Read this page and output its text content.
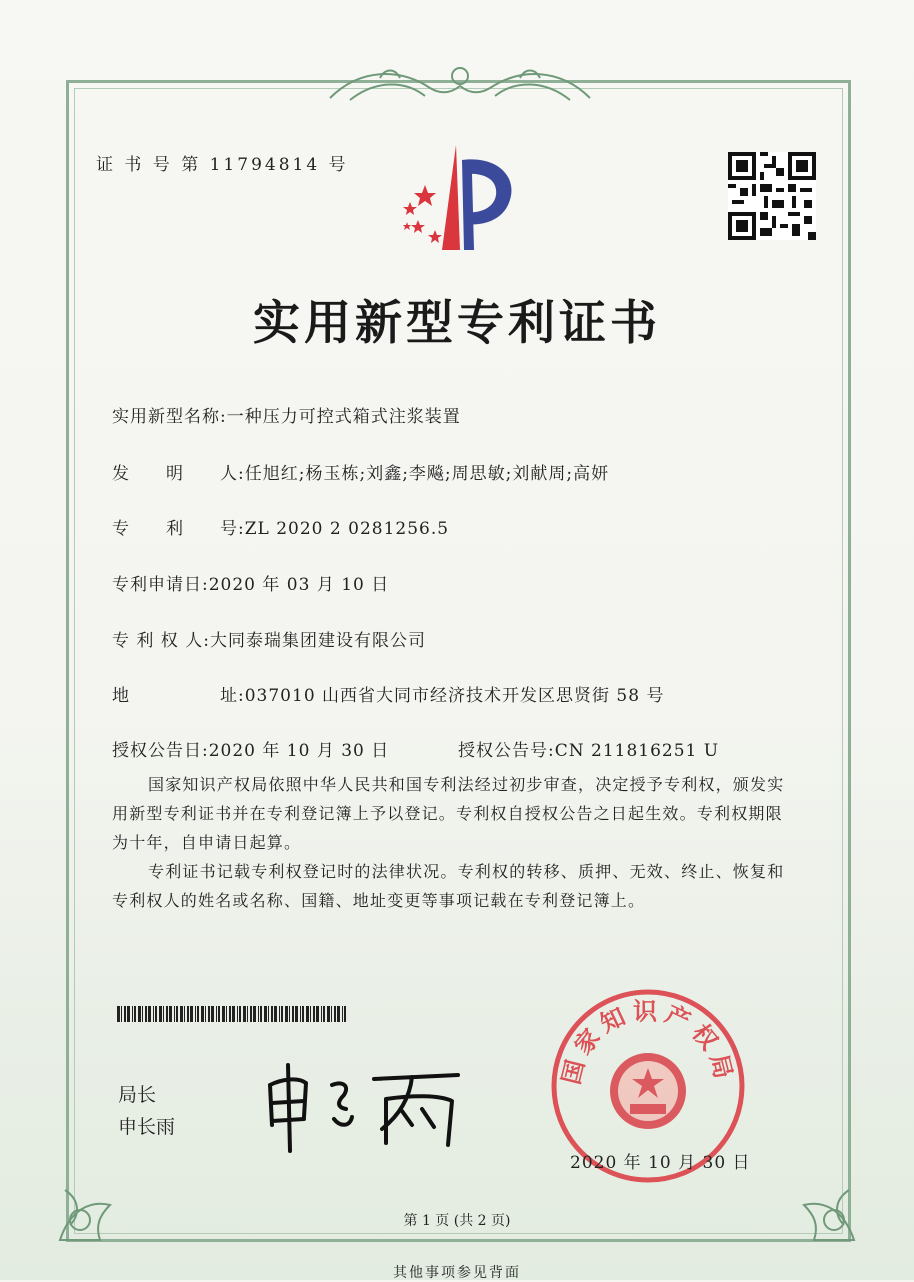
证 书 号 第 11794814 号
实用新型专利证书
实用新型名称:一种压力可控式箱式注浆装置
发　　明　　人:任旭红;杨玉栋;刘鑫;李飚;周思敏;刘献周;高妍
专　　利　　号:ZL 2020 2 0281256.5
专利申请日:2020 年 03 月 10 日
专 利 权 人:大同泰瑞集团建设有限公司
地　　　　　址:037010 山西省大同市经济技术开发区思贤街 58 号
授权公告日:2020 年 10 月 30 日	授权公告号:CN 211816251 U
国家知识产权局依照中华人民共和国专利法经过初步审查，决定授予专利权，颁发实用新型专利证书并在专利登记簿上予以登记。专利权自授权公告之日起生效。专利权期限为十年，自申请日起算。
专利证书记载专利权登记时的法律状况。专利权的转移、质押、无效、终止、恢复和专利权人的姓名或名称、国籍、地址变更等事项记载在专利登记簿上。
局长
申长雨
国家知识产权局
2020 年 10 月 30 日
第 1 页 (共 2 页)
其他事项参见背面
